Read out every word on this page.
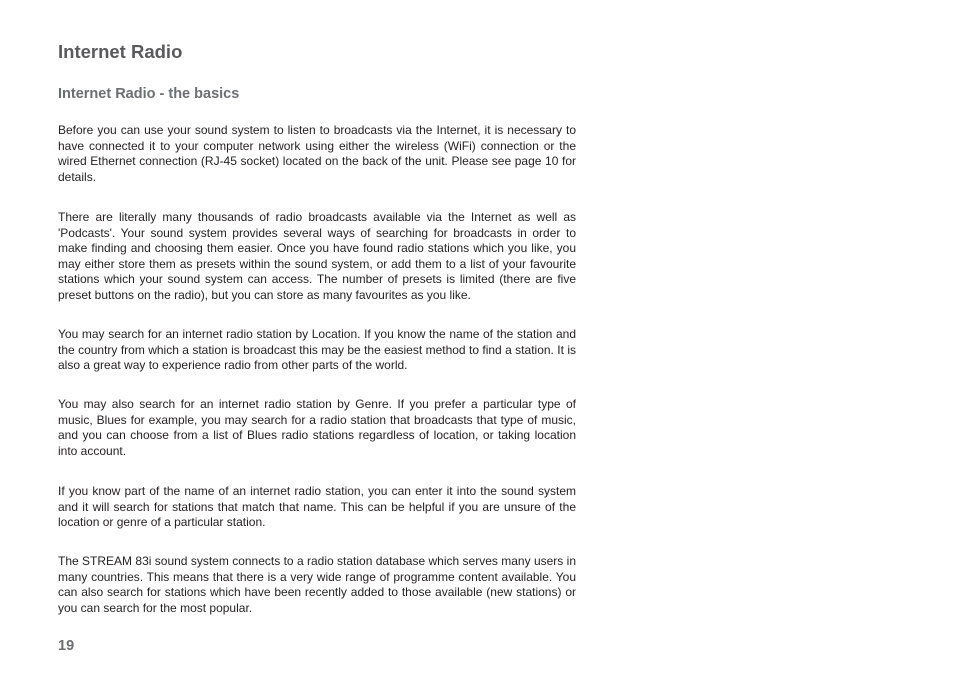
Internet Radio
Internet Radio - the basics

Before you can use your sound system to listen to broadcasts via the Internet, it is necessary to have connected it to your computer network using either the wireless (WiFi) connection or the wired Ethernet connection (RJ-45 socket) located on the back of the unit. Please see page 10 for details.

There are literally many thousands of radio broadcasts available via the Internet as well as 'Podcasts'. Your sound system provides several ways of searching for broadcasts in order to make finding and choosing them easier. Once you have found radio stations which you like, you may either store them as presets within the sound system, or add them to a list of your favourite stations which your sound system can access. The number of presets is limited (there are five preset buttons on the radio), but you can store as many favourites as you like.

You may search for an internet radio station by Location. If you know the name of the station and the country from which a station is broadcast this may be the easiest method to find a station. It is also a great way to experience radio from other parts of the world.

You may also search for an internet radio station by Genre. If you prefer a particular type of music, Blues for example, you may search for a radio station that broadcasts that type of music, and you can choose from a list of Blues radio stations regardless of location, or taking location into account.

If you know part of the name of an internet radio station, you can enter it into the sound system and it will search for stations that match that name. This can be helpful if you are unsure of the location or genre of a particular station.

The STREAM 83i sound system connects to a radio station database which serves many users in many countries. This means that there is a very wide range of programme content available. You can also search for stations which have been recently added to those available (new stations) or you can search for the most popular.

19
